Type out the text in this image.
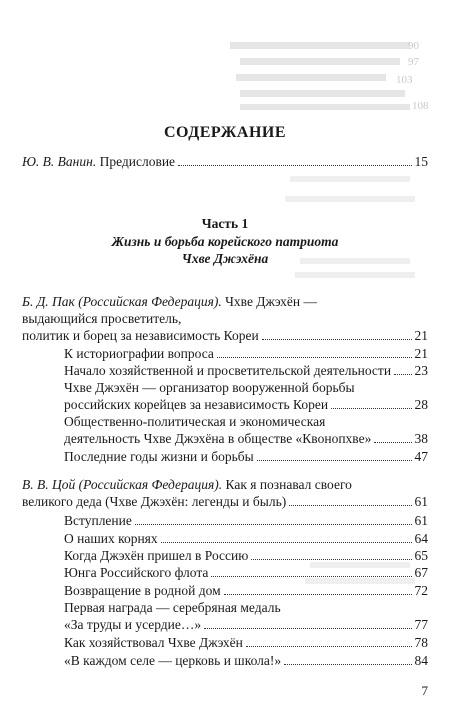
90
97
103
108
СОДЕРЖАНИЕ
Ю. В. Ванин. Предисловие	15
Часть 1
Жизнь и борьба корейского патриота
Чхве Джэхёна
Б. Д. Пак (Российская Федерация). Чхве Джэхён —
выдающийся просветитель,
политик и борец за независимость Кореи	21
К историографии вопроса	21
Начало хозяйственной и просветительской деятельности 23
Чхве Джэхён — организатор вооруженной борьбы
российских корейцев за независимость Кореи	28
Общественно-политическая и экономическая
деятельность Чхве Джэхёна в обществе «Квонопхве»	38
Последние годы жизни и борьбы	47
В. В. Цой (Российская Федерация). Как я познавал своего
великого деда (Чхве Джэхён: легенды и быль)	61
Вступление	61
О наших корнях	64
Когда Джэхён пришел в Россию	65
Юнга Российского флота	67
Возвращение в родной дом	72
Первая награда — серебряная медаль
«За труды и усердие…»	77
Как хозяйствовал Чхве Джэхён	78
«В каждом селе — церковь и школа!»	84
7
